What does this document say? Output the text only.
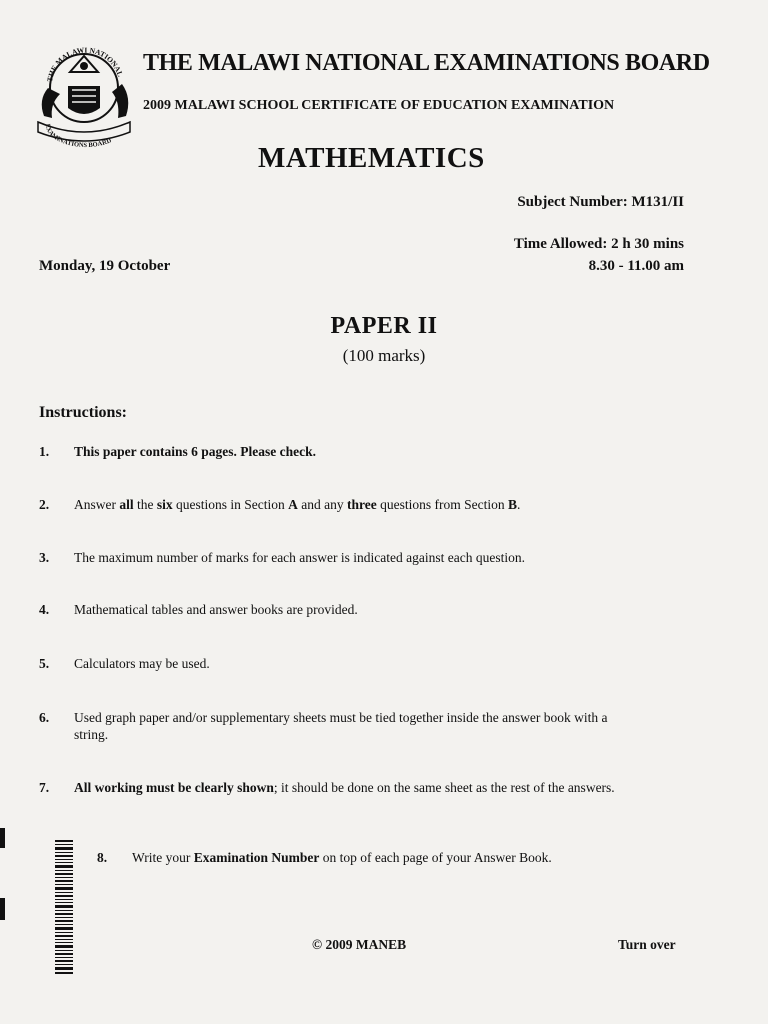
THE MALAWI NATIONAL
EXAMINATIONS BOARD
THE MALAWI NATIONAL EXAMINATIONS BOARD
2009 MALAWI SCHOOL CERTIFICATE OF EDUCATION EXAMINATION
MATHEMATICS
Subject Number: M131/II
Time Allowed: 2 h 30 mins
8.30 - 11.00 am
Monday, 19 October
PAPER II
(100 marks)
Instructions:
1. This paper contains 6 pages. Please check.
2. Answer all the six questions in Section A and any three questions from Section B.
3. The maximum number of marks for each answer is indicated against each question.
4. Mathematical tables and answer books are provided.
5. Calculators may be used.
6. Used graph paper and/or supplementary sheets must be tied together inside the answer book with a string.
7. All working must be clearly shown; it should be done on the same sheet as the rest of the answers.
8. Write your Examination Number on top of each page of your Answer Book.
© 2009 MANEB	Turn over
